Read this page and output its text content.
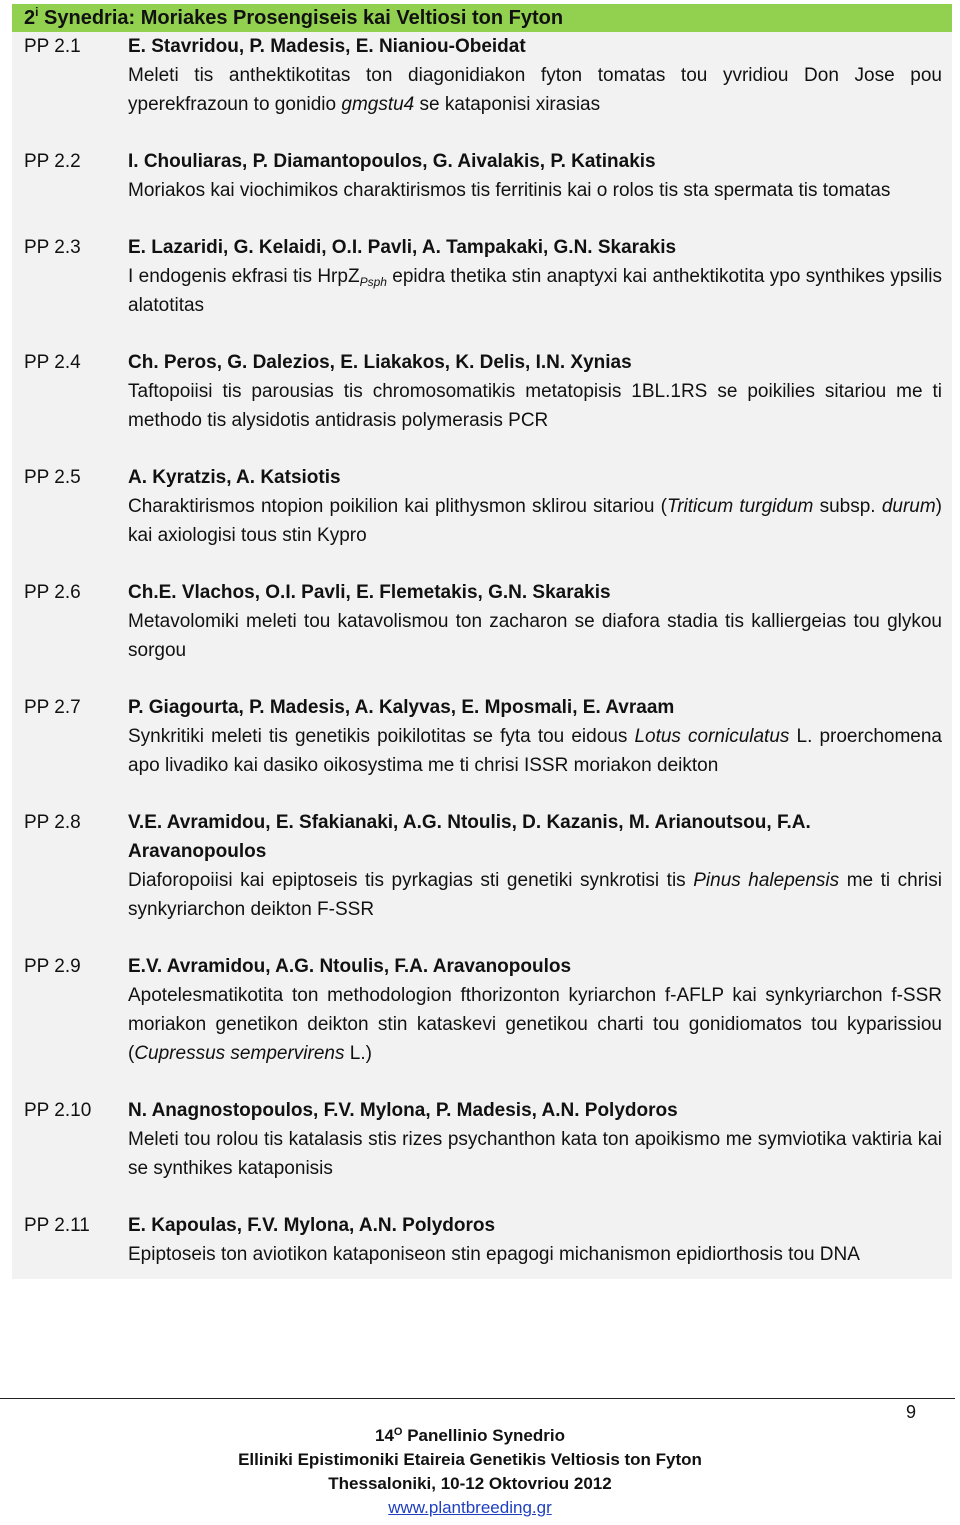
2$^i$ Synedria: Moriakes Prosengiseis kai Veltiosi ton Fyton
PP 2.1	E. Stavridou, P. Madesis, E. Nianiou-Obeidat
Meleti tis anthektikotitas ton diagonidiakon fyton tomatas tou yvridiou Don Jose pou yperekfrazoun to gonidio gmgstu4 se kataponisi xirasias
PP 2.2	I. Chouliaras, P. Diamantopoulos, G. Aivalakis, P. Katinakis
Moriakos kai viochimikos charaktirismos tis ferritinis kai o rolos tis sta spermata tis tomatas
PP 2.3	E. Lazaridi, G. Kelaidi, O.I. Pavli, A. Tampakaki, G.N. Skarakis
I endogenis ekfrasi tis HrpZ$_{Psph}$ epidra thetika stin anaptyxi kai anthektikotita ypo synthikes ypsilis alatotitas
PP 2.4	Ch. Peros, G. Dalezios, E. Liakakos, K. Delis, I.N. Xynias
Taftopoiisi tis parousias tis chromosomatikis metatopisis 1BL.1RS se poikilies sitariou me ti methodo tis alysidotis antidrasis polymerasis PCR
PP 2.5	A. Kyratzis, A. Katsiotis
Charaktirismos ntopion poikilion kai plithysmon sklirou sitariou (Triticum turgidum subsp. durum) kai axiologisi tous stin Kypro
PP 2.6	Ch.E. Vlachos, O.I. Pavli, E. Flemetakis, G.N. Skarakis
Metavolomiki meleti tou katavolismou ton zacharon se diafora stadia tis kalliergeias tou glykou sorgou
PP 2.7	P. Giagourta, P. Madesis, A. Kalyvas, E. Mposmali, E. Avraam
Synkritiki meleti tis genetikis poikilotitas se fyta tou eidous Lotus corniculatus L. proerchomena apo livadiko kai dasiko oikosystima me ti chrisi ISSR moriakon deikton
PP 2.8	V.E. Avramidou, E. Sfakianaki, A.G. Ntoulis, D. Kazanis, M. Arianoutsou, F.A. Aravanopoulos
Diaforopoiisi kai epiptoseis tis pyrkagias sti genetiki synkrotisi tis Pinus halepensis me ti chrisi synkyriarchon deikton F-SSR
PP 2.9	E.V. Avramidou, A.G. Ntoulis, F.A. Aravanopoulos
Apotelesmatikotita ton methodologion fthorizonton kyriarchon f-AFLP kai synkyriarchon f-SSR moriakon genetikon deikton stin kataskevi genetikou charti tou gonidiomatos tou kyparissiou (Cupressus sempervirens L.)
PP 2.10	N. Anagnostopoulos, F.V. Mylona, P. Madesis, A.N. Polydoros
Meleti tou rolou tis katalasis stis rizes psychanthon kata ton apoikismo me symviotika vaktiria kai se synthikes kataponisis
PP 2.11	E. Kapoulas, F.V. Mylona, A.N. Polydoros
Epiptoseis ton aviotikon kataponiseon stin epagogi michanismon epidiorthosis tou DNA
9
$14^O$ Panellinio Synedrio
Elliniki Epistimoniki Etaireia Genetikis Veltiosis ton Fyton
Thessaloniki, 10-12 Oktovriou 2012
www.plantbreeding.gr
